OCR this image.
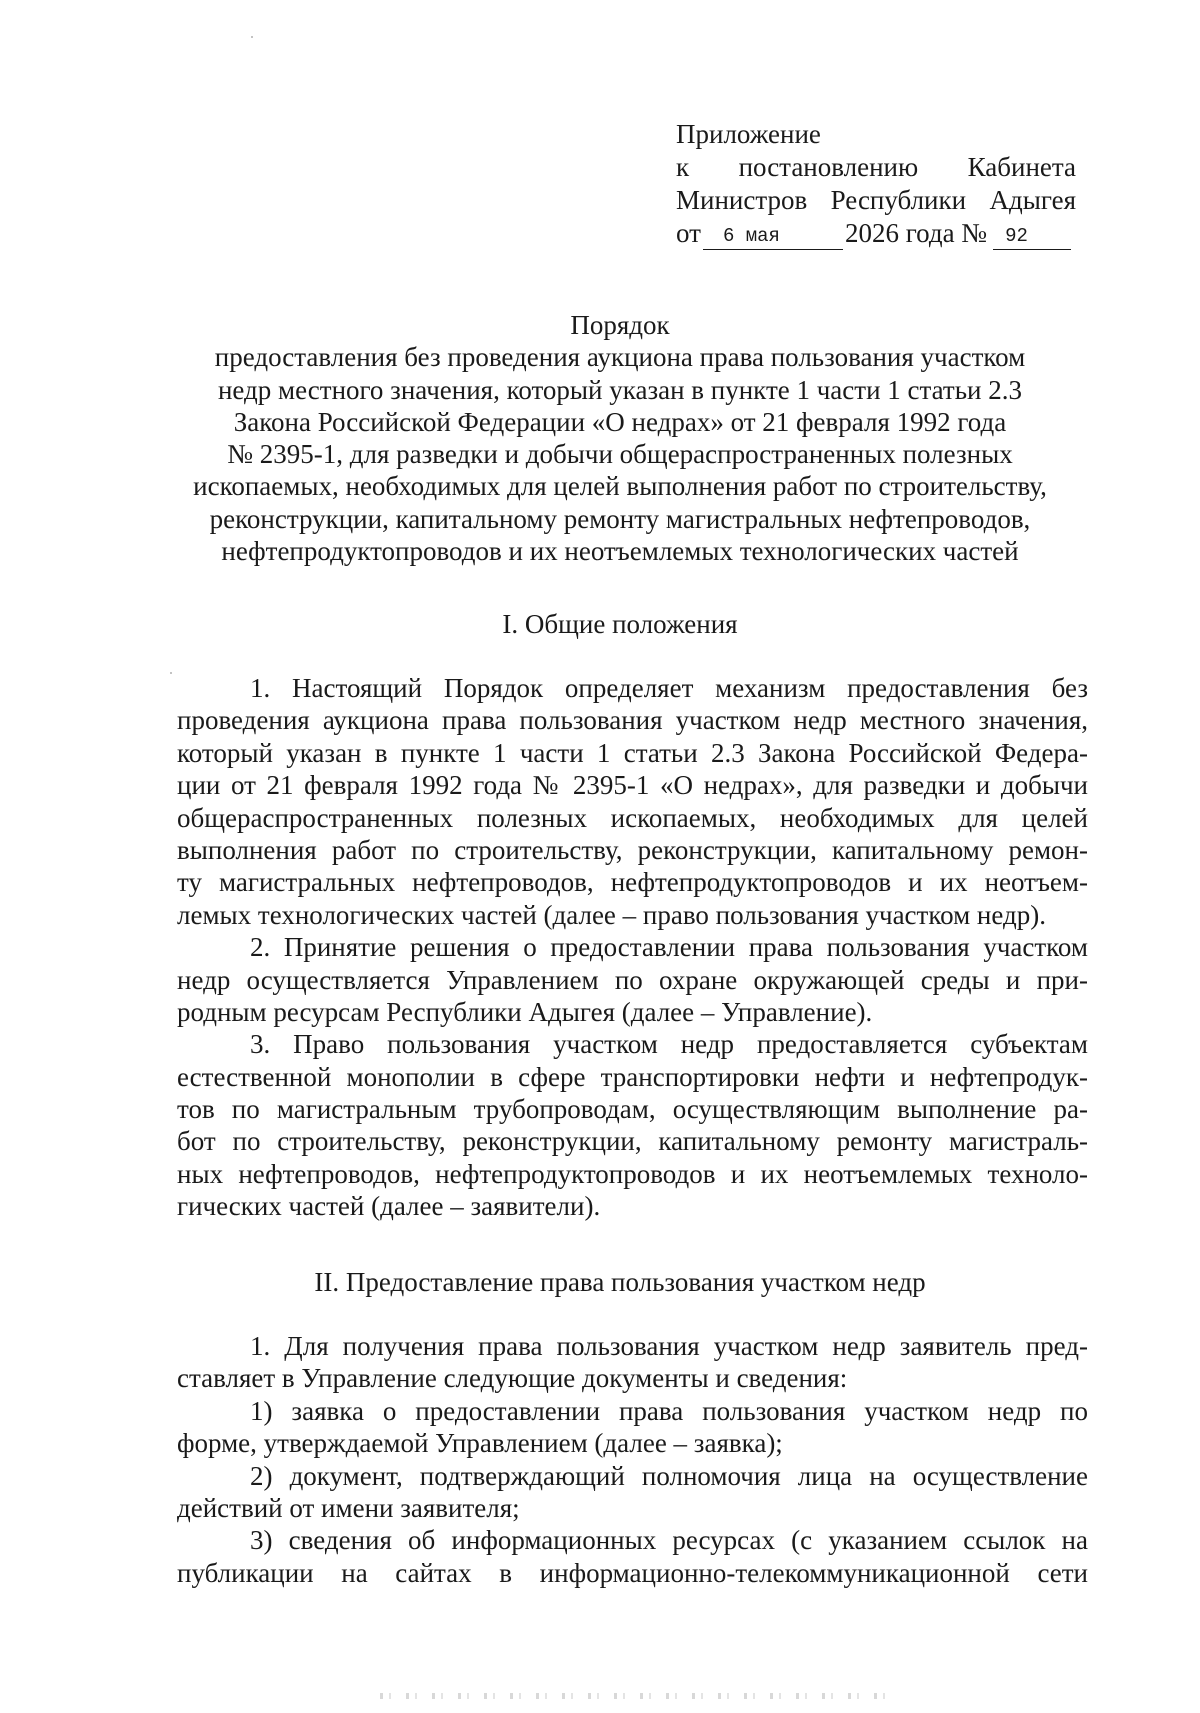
Приложение
к постановлению Кабинета
Министров Республики Адыгея
от 6 мая 2026 года № 92
Порядок
предоставления без проведения аукциона права пользования участком
недр местного значения, который указан в пункте 1 части 1 статьи 2.3
Закона Российской Федерации «О недрах» от 21 февраля 1992 года
№ 2395-1, для разведки и добычи общераспространенных полезных
ископаемых, необходимых для целей выполнения работ по строительству,
реконструкции, капитальному ремонту магистральных нефтепроводов,
нефтепродуктопроводов и их неотъемлемых технологических частей
I. Общие положения
1. Настоящий Порядок определяет механизм предоставления без
проведения аукциона права пользования участком недр местного значения,
который указан в пункте 1 части 1 статьи 2.3 Закона Российской Федера-
ции от 21 февраля 1992 года № 2395-1 «О недрах», для разведки и добычи
общераспространенных полезных ископаемых, необходимых для целей
выполнения работ по строительству, реконструкции, капитальному ремон-
ту магистральных нефтепроводов, нефтепродуктопроводов и их неотъем-
лемых технологических частей (далее – право пользования участком недр).
2. Принятие решения о предоставлении права пользования участком
недр осуществляется Управлением по охране окружающей среды и при-
родным ресурсам Республики Адыгея (далее – Управление).
3. Право пользования участком недр предоставляется субъектам
естественной монополии в сфере транспортировки нефти и нефтепродук-
тов по магистральным трубопроводам, осуществляющим выполнение ра-
бот по строительству, реконструкции, капитальному ремонту магистраль-
ных нефтепроводов, нефтепродуктопроводов и их неотъемлемых техноло-
гических частей (далее – заявители).
II. Предоставление права пользования участком недр
1. Для получения права пользования участком недр заявитель пред-
ставляет в Управление следующие документы и сведения:
1) заявка о предоставлении права пользования участком недр по
форме, утверждаемой Управлением (далее – заявка);
2) документ, подтверждающий полномочия лица на осуществление
действий от имени заявителя;
3) сведения об информационных ресурсах (с указанием ссылок на
публикации на сайтах в информационно-телекоммуникационной сети
